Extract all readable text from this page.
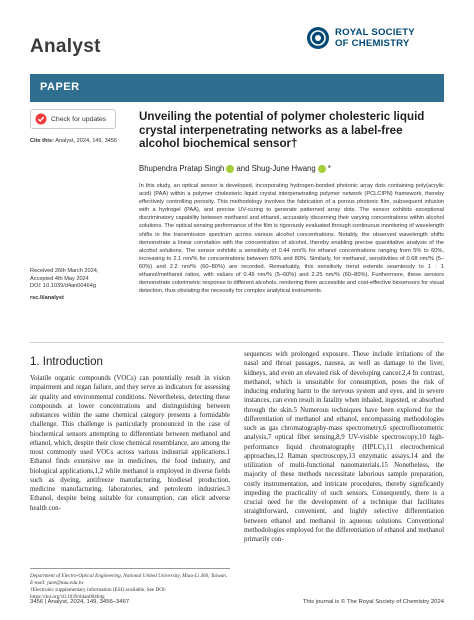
Analyst
ROYAL SOCIETY
OF CHEMISTRY
PAPER
Check for updates
Cite this: Analyst, 2024, 149, 3456
Unveiling the potential of polymer cholesteric liquid crystal interpenetrating networks as a label-free alcohol biochemical sensor†
Bhupendra Pratap Singh and Shug-June Hwang *
In this study, an optical sensor is developed, incorporating hydrogen-bonded photonic array dots containing poly(acrylic acid) (PAA) within a polymer cholesteric liquid crystal interpenetrating polymer network (PCLCIPN) framework, thereby effectively controlling porosity. This methodology involves the fabrication of a porous photonic film, subsequent infusion with a hydrogel (PAA), and precise UV-curing to generate patterned array dots. The sensor exhibits exceptional discriminatory capability between methanol and ethanol, accurately discerning their varying concentrations within alcohol solutions. The optical sensing performance of the film is rigorously evaluated through continuous monitoring of wavelength shifts in the transmission spectrum across various alcohol concentrations. Notably, the observed wavelength shifts demonstrate a linear correlation with the concentration of alcohol, thereby enabling precise quantitative analysis of the alcohol solutions. The sensor exhibits a sensitivity of 0.44 nm/% for ethanol concentrations ranging from 5% to 60%, increasing to 2.1 nm/% for concentrations between 60% and 80%. Similarly, for methanol, sensitivities of 0.68 nm/% (5–60%) and 2.2 nm/% (60–80%) are recorded. Remarkably, this sensitivity trend extends seamlessly to 1 : 1 ethanol/methanol ratios, with values of 0.49 nm/% (5–60%) and 2.25 nm/% (60–80%). Furthermore, these sensors demonstrate colorimetric response to different alcohols, rendering them accessible and cost-effective biosensors for visual detection, thus obviating the necessity for complex analytical instruments.
Received 26th March 2024,
Accepted 4th May 2024
DOI: 10.1039/d4an00464g
rsc.li/analyst
1. Introduction
Volatile organic compounds (VOCs) can potentially result in vision impairment and organ failure, and they serve as indicators for assessing air quality and environmental conditions. Nevertheless, detecting these compounds at lower concentrations and distinguishing between substances within the same chemical category presents a formidable challenge. This challenge is particularly pronounced in the case of biochemical sensors attempting to differentiate between methanol and ethanol, which, despite their close chemical resemblance, are among the most commonly used VOCs across various industrial applications.1 Ethanol finds extensive use in medicines, the food industry, and biological applications,1,2 while methanol is employed in diverse fields such as dyeing, antifreeze manufacturing, biodiesel production, medicine manufacturing, laboratories, and petroleum industries.3 Ethanol, despite being suitable for consumption, can elicit adverse health con-
sequences with prolonged exposure. These include irritations of the nasal and throat passages, nausea, as well as damage to the liver, kidneys, and even an elevated risk of developing cancer.2,4 In contrast, methanol, which is unsuitable for consumption, poses the risk of inducing enduring harm to the nervous system and eyes, and in severe instances, can even result in fatality when inhaled, ingested, or absorbed through the skin.5 Numerous techniques have been explored for the differentiation of methanol and ethanol, encompassing methodologies such as gas chromatography-mass spectrometry,6 spectrofluorometric analysis,7 optical fiber sensing,8,9 UV-visible spectroscopy,10 high-performance liquid chromatography (HPLC),11 electrochemical approaches,12 Raman spectroscopy,13 enzymatic assays,14 and the utilization of multi-functional nanomaterials.15 Nonetheless, the majority of these methods necessitate laborious sample preparation, costly instrumentation, and intricate procedures, thereby significantly impeding the practicality of such sensors. Consequently, there is a crucial need for the development of a technique that facilitates straightforward, convenient, and highly selective differentiation between ethanol and methanol in aqueous solutions. Conventional methodologies employed for the differentiation of ethanol and methanol primarily con-
Department of Electro-Optical Engineering, National United University, Miao-Li 360, Taiwan. E-mail: june@nuu.edu.tw
†Electronic supplementary information (ESI) available. See DOI: https://doi.org/10.1039/d4an00464g
3456 | Analyst, 2024, 149, 3456–3467	This journal is © The Royal Society of Chemistry 2024
